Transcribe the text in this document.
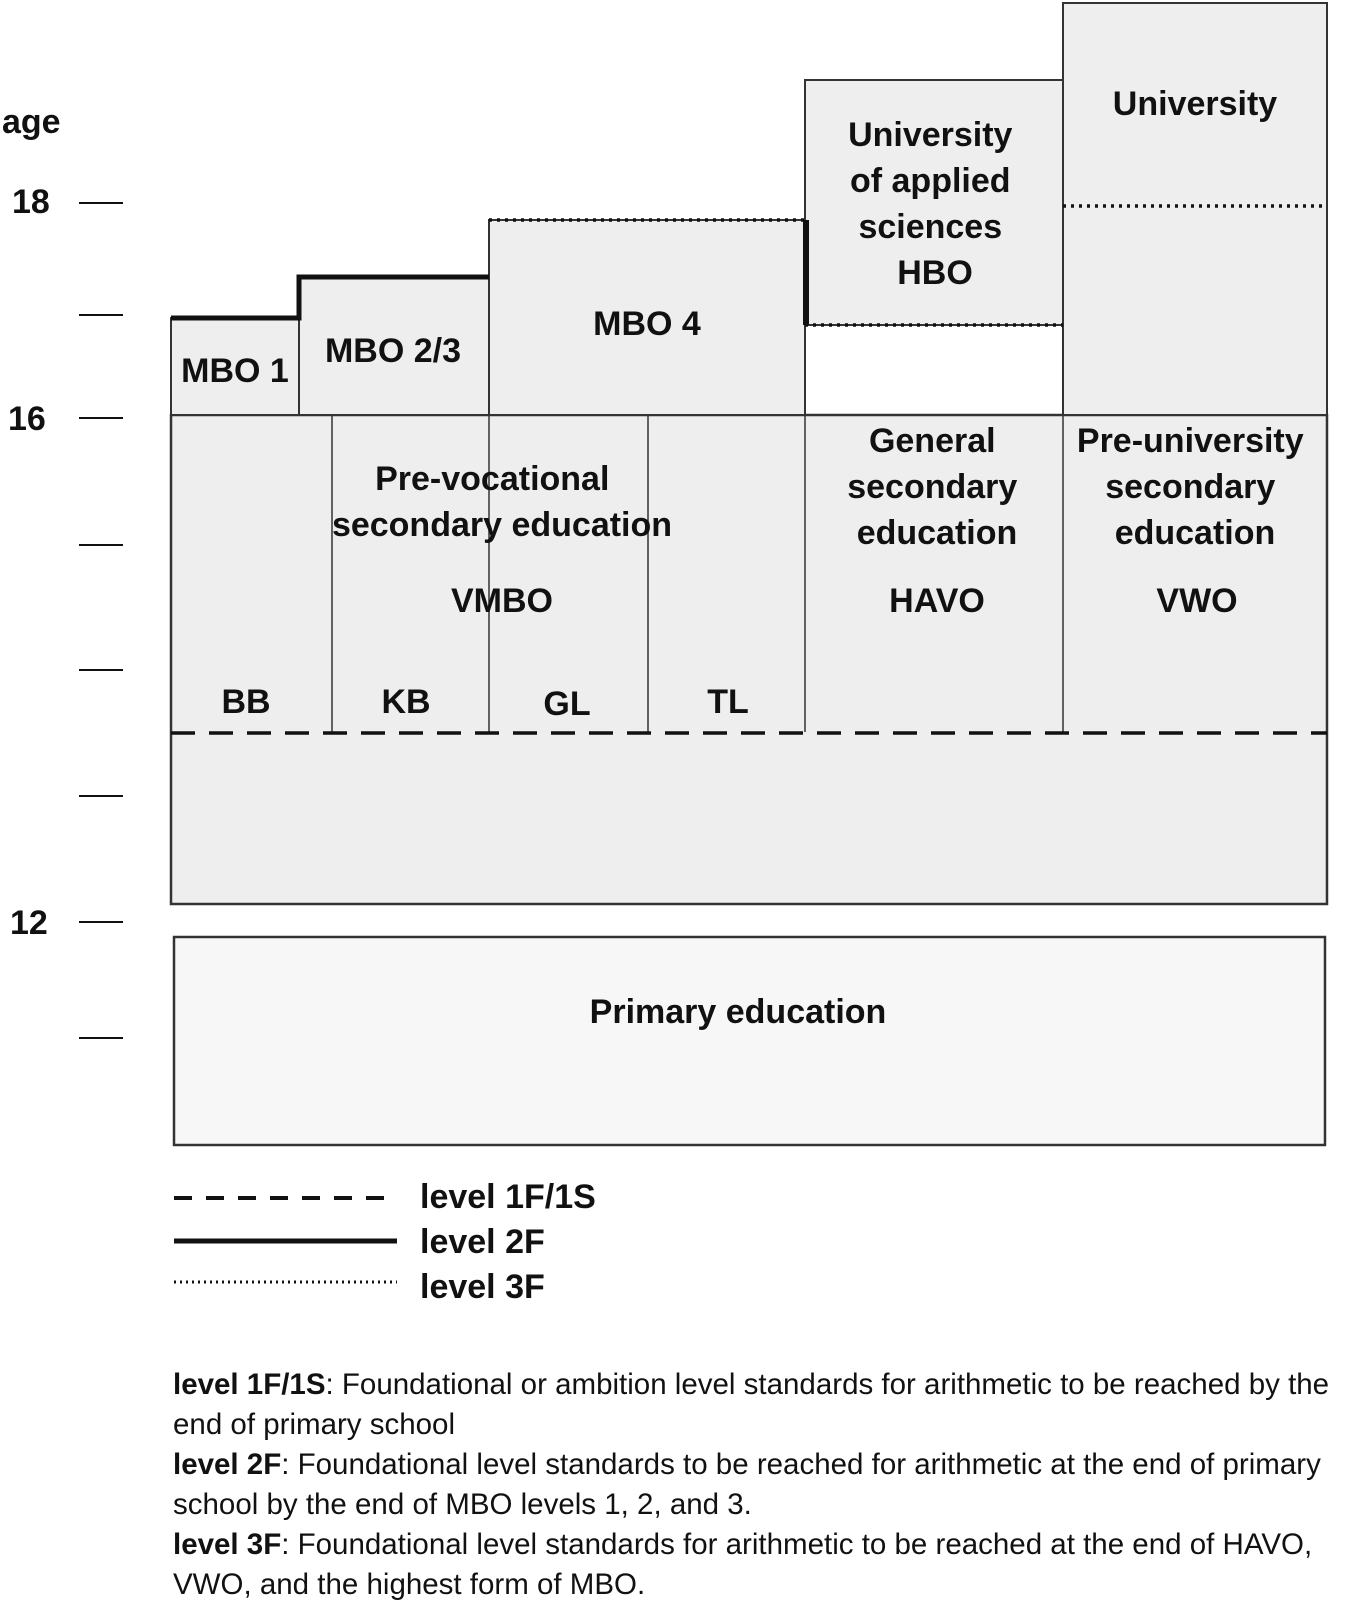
age
18
16
12
MBO 1
MBO 2/3
MBO 4
University
University of applied sciences HBO
Pre-vocational secondary education
VMBO
BB	KB	GL	TL
General secondary education
HAVO
Pre-university secondary education
VWO
Primary education
level 1F/1S
level 2F
level 3F

level 1F/1S: Foundational or ambition level standards for arithmetic to be reached by the end of primary school

level 2F: Foundational level standards to be reached for arithmetic at the end of primary school by the end of MBO levels 1, 2, and 3.

level 3F: Foundational level standards for arithmetic to be reached at the end of HAVO, VWO, and the highest form of MBO.
